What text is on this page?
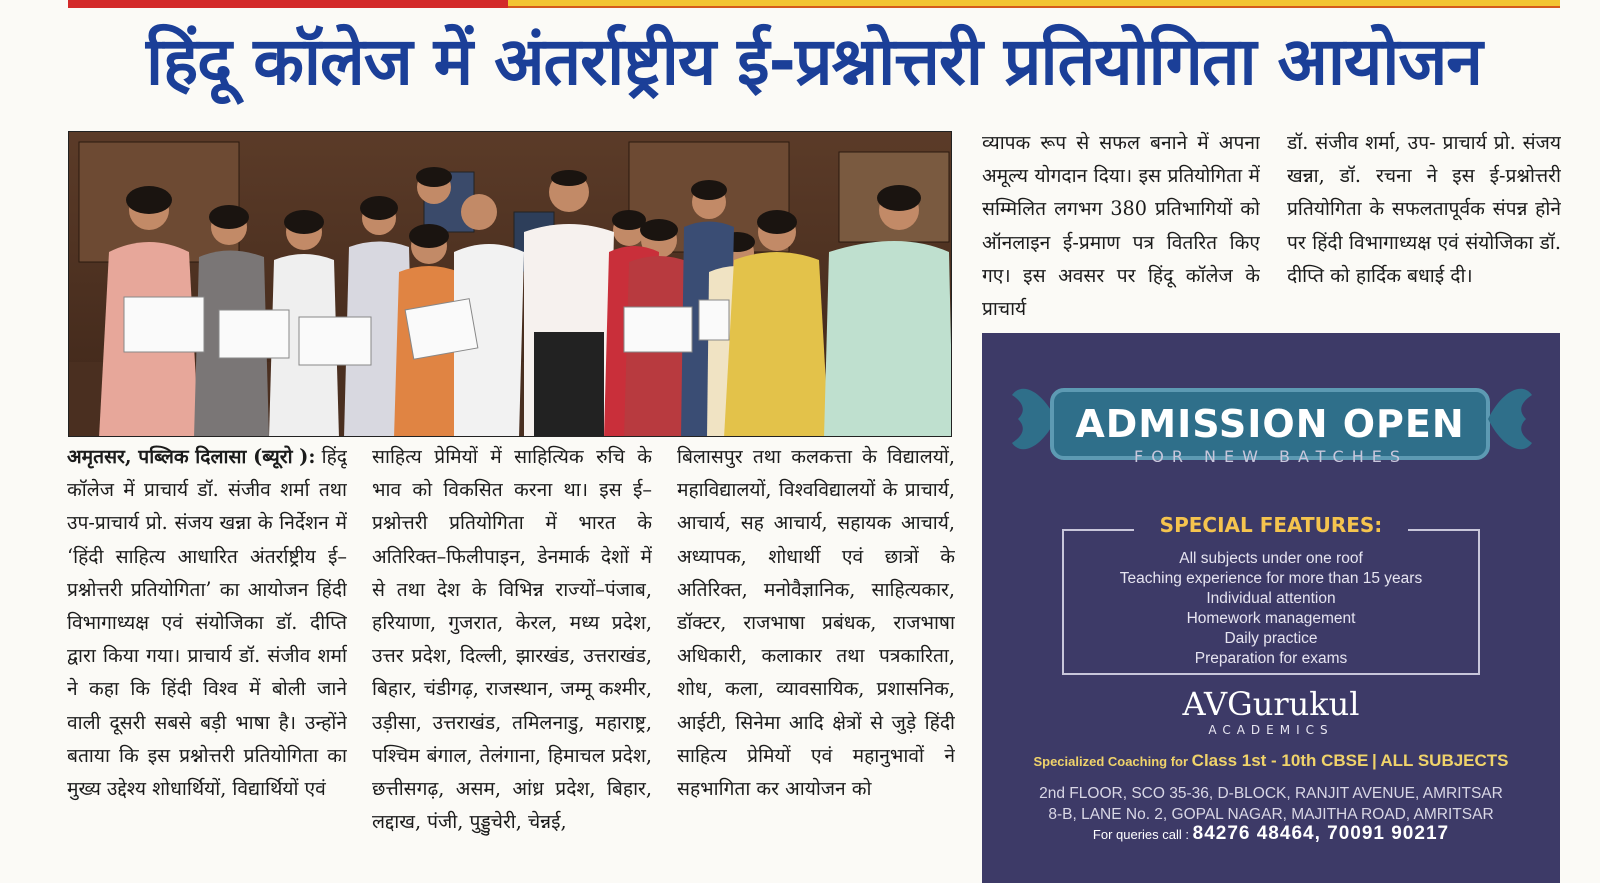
हिंदू कॉलेज में अंतर्राष्ट्रीय ई-प्रश्नोत्तरी प्रतियोगिता आयोजन

अमृतसर, पब्लिक दिलासा (ब्यूरो ): हिंदू कॉलेज में प्राचार्य डॉ. संजीव शर्मा तथा उप-प्राचार्य प्रो. संजय खन्ना के निर्देशन में ‘हिंदी साहित्य आधारित अंतर्राष्ट्रीय ई–प्रश्नोत्तरी प्रतियोगिता’ का आयोजन हिंदी विभागाध्यक्ष एवं संयोजिका डॉ. दीप्ति द्वारा किया गया। प्राचार्य डॉ. संजीव शर्मा ने कहा कि हिंदी विश्व में बोली जाने वाली दूसरी सबसे बड़ी भाषा है। उन्होंने बताया कि इस प्रश्नोत्तरी प्रतियोगिता का मुख्य उद्देश्य शोधार्थियों, विद्यार्थियों एवं

साहित्य प्रेमियों में साहित्यिक रुचि के भाव को विकसित करना था। इस ई– प्रश्नोत्तरी प्रतियोगिता में भारत के अतिरिक्त–फिलीपाइन, डेनमार्क देशों में से तथा देश के विभिन्न राज्यों–पंजाब, हरियाणा, गुजरात, केरल, मध्य प्रदेश, उत्तर प्रदेश, दिल्ली, झारखंड, उत्तराखंड, बिहार, चंडीगढ़, राजस्थान, जम्मू कश्मीर, उड़ीसा, उत्तराखंड, तमिलनाडु, महाराष्ट्र, पश्चिम बंगाल, तेलंगाना, हिमाचल प्रदेश, छत्तीसगढ़, असम, आंध्र प्रदेश, बिहार, लद्दाख, पंजी, पुड्डुचेरी, चेन्नई,

बिलासपुर तथा कलकत्ता के विद्यालयों, महाविद्यालयों, विश्वविद्यालयों के प्राचार्य, आचार्य, सह आचार्य, सहायक आचार्य, अध्यापक, शोधार्थी एवं छात्रों के अतिरिक्त, मनोवैज्ञानिक, साहित्यकार, डॉक्टर, राजभाषा प्रबंधक, राजभाषा अधिकारी, कलाकार तथा पत्रकारिता, शोध, कला, व्यावसायिक, प्रशासनिक, आईटी, सिनेमा आदि क्षेत्रों से जुड़े हिंदी साहित्य प्रेमियों एवं महानुभावों ने सहभागिता कर आयोजन को

व्यापक रूप से सफल बनाने में अपना अमूल्य योगदान दिया। इस प्रतियोगिता में सम्मिलित लगभग 380 प्रतिभागियों को ऑनलाइन ई-प्रमाण पत्र वितरित किए गए। इस अवसर पर हिंदू कॉलेज के प्राचार्य

डॉ. संजीव शर्मा, उप- प्राचार्य प्रो. संजय खन्ना, डॉ. रचना ने इस ई-प्रश्नोत्तरी प्रतियोगिता के सफलतापूर्वक संपन्न होने पर हिंदी विभागाध्यक्ष एवं संयोजिका डॉ. दीप्ति को हार्दिक बधाई दी।

ADMISSION OPEN
FOR NEW BATCHES
SPECIAL FEATURES:
All subjects under one roof
Teaching experience for more than 15 years
Individual attention
Homework management
Daily practice
Preparation for exams
AVGurukul
ACADEMICS
Specialized Coaching for Class 1st - 10th CBSE | ALL SUBJECTS
2nd FLOOR, SCO 35-36, D-BLOCK, RANJIT AVENUE, AMRITSAR
8-B, LANE No. 2, GOPAL NAGAR, MAJITHA ROAD, AMRITSAR
For queries call : 84276 48464, 70091 90217
